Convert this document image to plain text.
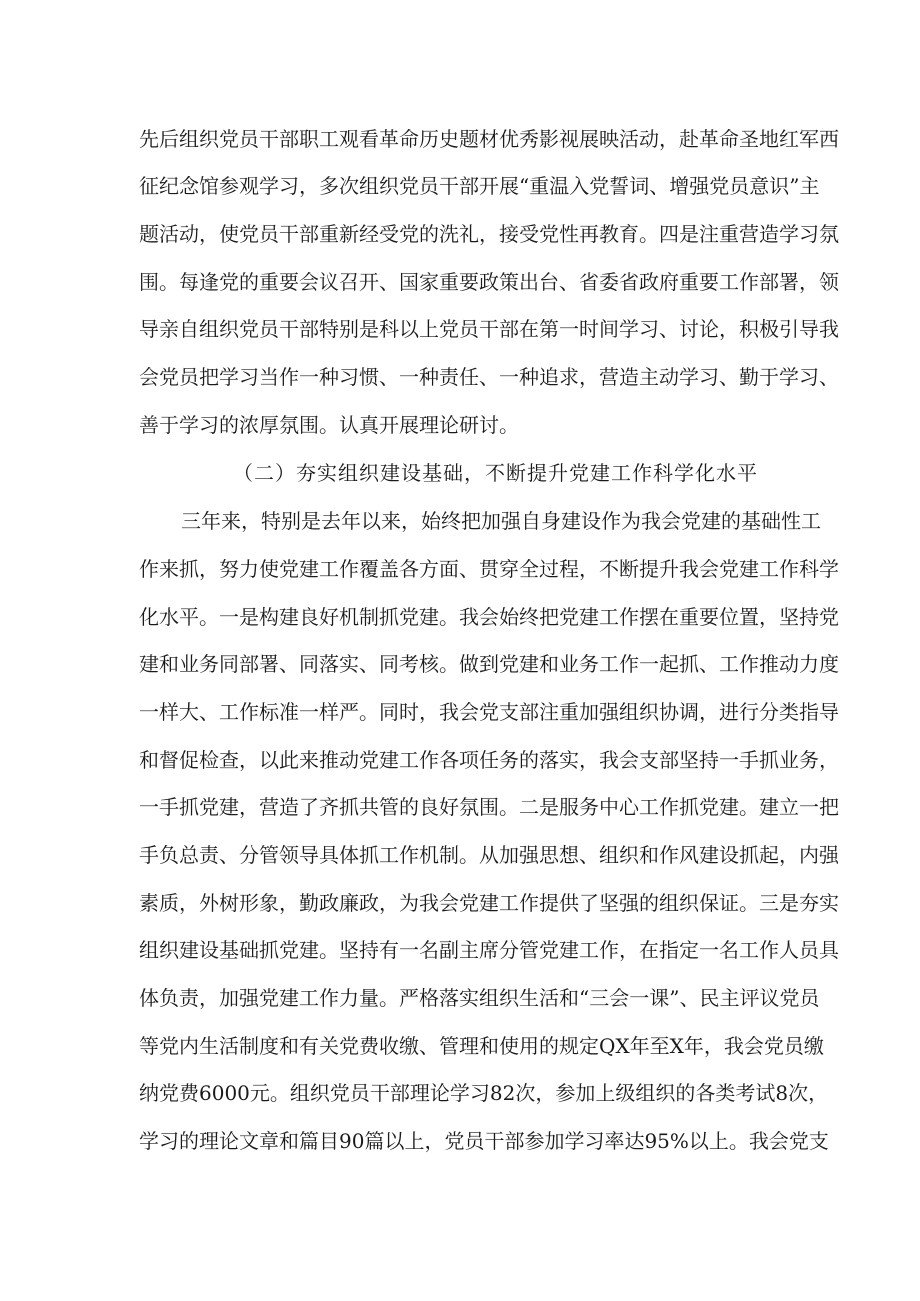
先后组织党员干部职工观看革命历史题材优秀影视展映活动，赴革命圣地红军西
征纪念馆参观学习，多次组织党员干部开展“重温入党誓词、增强党员意识”主
题活动，使党员干部重新经受党的洗礼，接受党性再教育。四是注重营造学习氛
围。每逢党的重要会议召开、国家重要政策出台、省委省政府重要工作部署，领
导亲自组织党员干部特别是科以上党员干部在第一时间学习、讨论，积极引导我
会党员把学习当作一种习惯、一种责任、一种追求，营造主动学习、勤于学习、
善于学习的浓厚氛围。认真开展理论研讨。
（二）夯实组织建设基础，不断提升党建工作科学化水平
三年来，特别是去年以来，始终把加强自身建设作为我会党建的基础性工
作来抓，努力使党建工作覆盖各方面、贯穿全过程，不断提升我会党建工作科学
化水平。一是构建良好机制抓党建。我会始终把党建工作摆在重要位置，坚持党
建和业务同部署、同落实、同考核。做到党建和业务工作一起抓、工作推动力度
一样大、工作标准一样严。同时，我会党支部注重加强组织协调，进行分类指导
和督促检查，以此来推动党建工作各项任务的落实，我会支部坚持一手抓业务，
一手抓党建，营造了齐抓共管的良好氛围。二是服务中心工作抓党建。建立一把
手负总责、分管领导具体抓工作机制。从加强思想、组织和作风建设抓起，内强
素质，外树形象，勤政廉政，为我会党建工作提供了坚强的组织保证。三是夯实
组织建设基础抓党建。坚持有一名副主席分管党建工作，在指定一名工作人员具
体负责，加强党建工作力量。严格落实组织生活和“三会一课”、民主评议党员
等党内生活制度和有关党费收缴、管理和使用的规定QX年至X年，我会党员缴
纳党费6000元。组织党员干部理论学习82次，参加上级组织的各类考试8次，
学习的理论文章和篇目90篇以上，党员干部参加学习率达95%以上。我会党支
